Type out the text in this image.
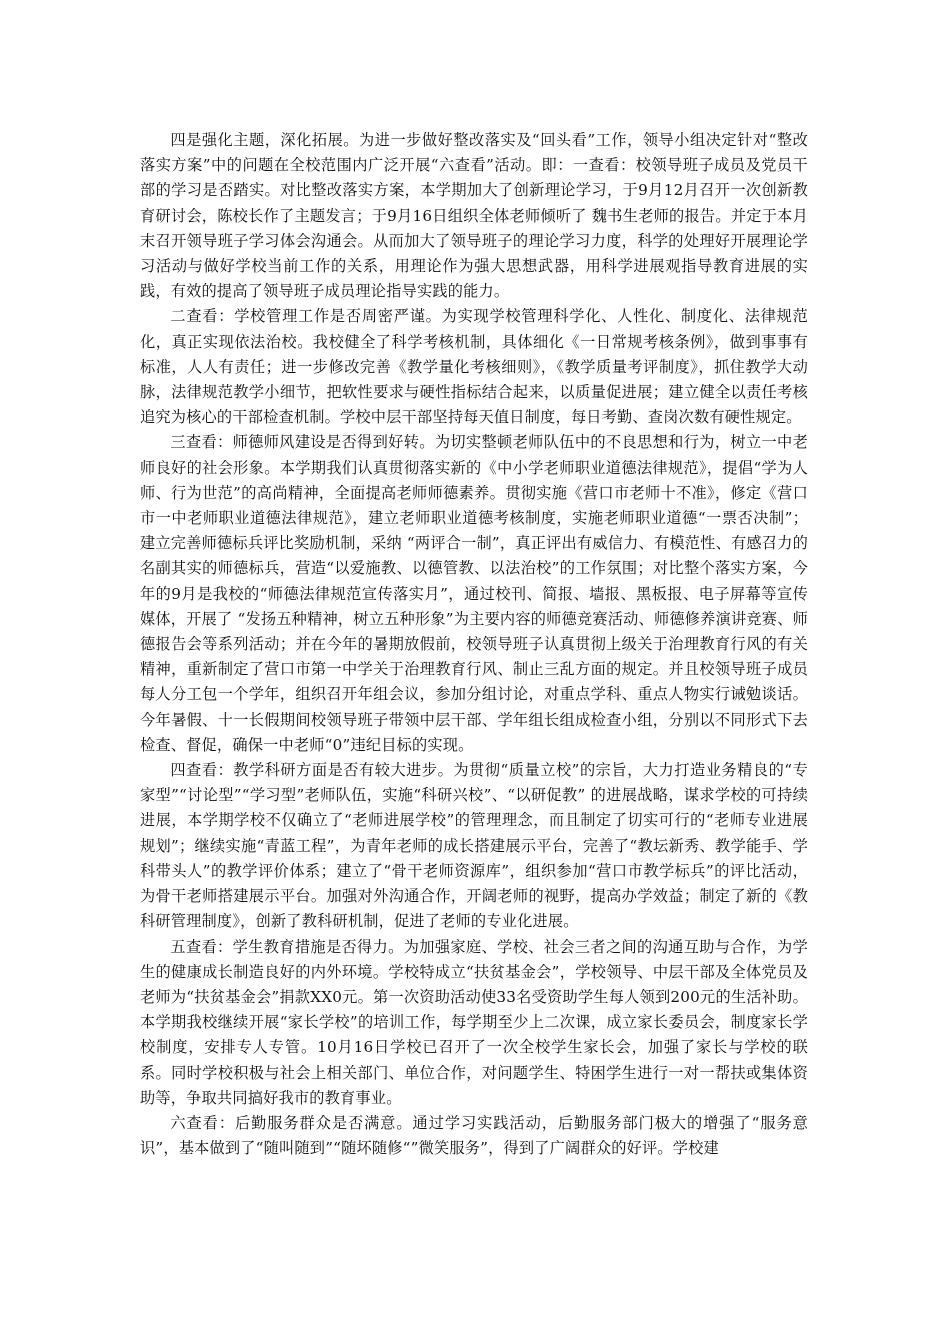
四是强化主题，深化拓展。为进一步做好整改落实及“回头看”工作，领导小组决定针对“整改落实方案”中的问题在全校范围内广泛开展“六查看”活动。即：一查看：校领导班子成员及党员干部的学习是否踏实。对比整改落实方案，本学期加大了创新理论学习，于9月12月召开一次创新教育研讨会，陈校长作了主题发言；于9月16日组织全体老师倾听了 魏书生老师的报告。并定于本月末召开领导班子学习体会沟通会。从而加大了领导班子的理论学习力度，科学的处理好开展理论学习活动与做好学校当前工作的关系，用理论作为强大思想武器，用科学进展观指导教育进展的实践，有效的提高了领导班子成员理论指导实践的能力。

二查看：学校管理工作是否周密严谨。为实现学校管理科学化、人性化、制度化、法律规范化，真正实现依法治校。我校健全了科学考核机制，具体细化《一日常规考核条例》，做到事事有标准，人人有责任；进一步修改完善《教学量化考核细则》，《教学质量考评制度》，抓住教学大动脉，法律规范教学小细节，把软性要求与硬性指标结合起来，以质量促进展；建立健全以责任考核追究为核心的干部检查机制。学校中层干部坚持每天值日制度，每日考勤、查岗次数有硬性规定。

三查看：师德师风建设是否得到好转。为切实整顿老师队伍中的不良思想和行为，树立一中老师良好的社会形象。本学期我们认真贯彻落实新的《中小学老师职业道德法律规范》，提倡“学为人师、行为世范”的高尚精神，全面提高老师师德素养。贯彻实施《营口市老师十不准》，修定《营口市一中老师职业道德法律规范》，建立老师职业道德考核制度，实施老师职业道德“一票否决制”；建立完善师德标兵评比奖励机制，采纳 “两评合一制”，真正评出有威信力、有模范性、有感召力的名副其实的师德标兵，营造“以爱施教、以德管教、以法治校”的工作氛围；对比整个落实方案，今年的9月是我校的“师德法律规范宣传落实月”，通过校刊、简报、墙报、黑板报、电子屏幕等宣传媒体，开展了 “发扬五种精神，树立五种形象”为主要内容的师德竞赛活动、师德修养演讲竞赛、师德报告会等系列活动；并在今年的暑期放假前，校领导班子认真贯彻上级关于治理教育行风的有关精神，重新制定了营口市第一中学关于治理教育行风、制止三乱方面的规定。并且校领导班子成员每人分工包一个学年，组织召开年组会议，参加分组讨论，对重点学科、重点人物实行诫勉谈话。今年暑假、十一长假期间校领导班子带领中层干部、学年组长组成检查小组，分别以不同形式下去检查、督促，确保一中老师“0”违纪目标的实现。

四查看：教学科研方面是否有较大进步。为贯彻“质量立校”的宗旨，大力打造业务精良的“专家型”“讨论型”“学习型”老师队伍，实施“科研兴校”、“以研促教” 的进展战略，谋求学校的可持续进展，本学期学校不仅确立了“老师进展学校”的管理理念，而且制定了切实可行的“老师专业进展规划”；继续实施“青蓝工程”，为青年老师的成长搭建展示平台，完善了“教坛新秀、教学能手、学科带头人”的教学评价体系；建立了“骨干老师资源库”，组织参加“营口市教学标兵”的评比活动，为骨干老师搭建展示平台。加强对外沟通合作，开阔老师的视野，提高办学效益；制定了新的《教科研管理制度》，创新了教科研机制，促进了老师的专业化进展。

五查看：学生教育措施是否得力。为加强家庭、学校、社会三者之间的沟通互助与合作，为学生的健康成长制造良好的内外环境。学校特成立“扶贫基金会”，学校领导、中层干部及全体党员及老师为“扶贫基金会”捐款XX0元。第一次资助活动使33名受资助学生每人领到200元的生活补助。本学期我校继续开展“家长学校”的培训工作，每学期至少上二次课，成立家长委员会，制度家长学校制度，安排专人专管。10月16日学校已召开了一次全校学生家长会，加强了家长与学校的联系。同时学校积极与社会上相关部门、单位合作，对问题学生、特困学生进行一对一帮扶或集体资助等，争取共同搞好我市的教育事业。

六查看：后勤服务群众是否满意。通过学习实践活动，后勤服务部门极大的增强了“服务意识”，基本做到了“随叫随到”“随坏随修“”微笑服务”，得到了广阔群众的好评。学校建
